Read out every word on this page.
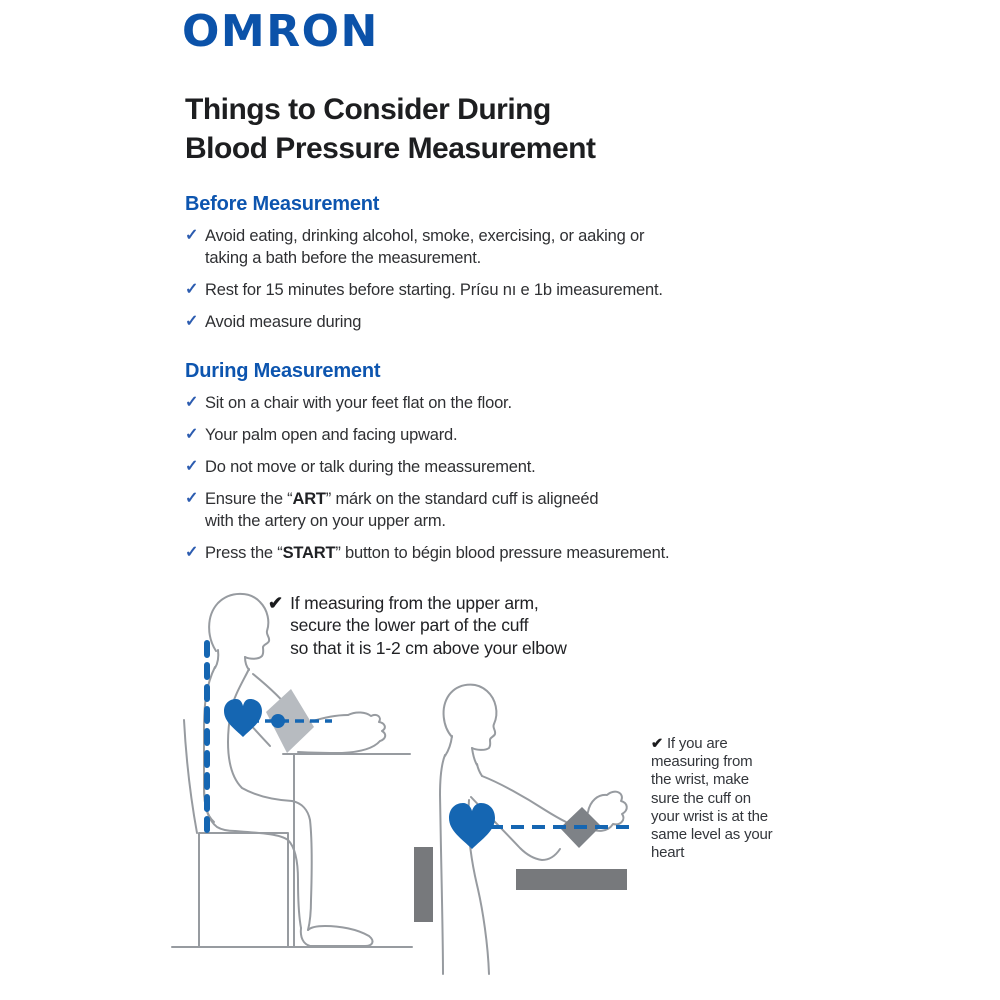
OMRON
Things to Consider During
Blood Pressure Measurement
Before Measurement
✓ Avoid eating, drinking alcohol, smoke, exercising, or aaking or
taking a bath before the measurement.
✓ Rest for 15 minutes before starting. Príɢu nı e 1b imeasurement.
✓ Avoid measure during
During Measurement
✓ Sit on a chair with your feet flat on the floor.
✓ Your palm open and facing upward.
✓ Do not move or talk during the meassurement.
✓ Ensure the “ART” márk on the standard cuff is aligneéd
with the artery on your upper arm.
✓ Press the “START” button to bégin blood pressure measurement.
✔ If measuring from the upper arm,
secure the lower part of the cuff
so that it is 1-2 cm above your elbow
✔ If you are
measuring from
the wrist, make
sure the cuff on
your wrist is at the
same level as your
heart
